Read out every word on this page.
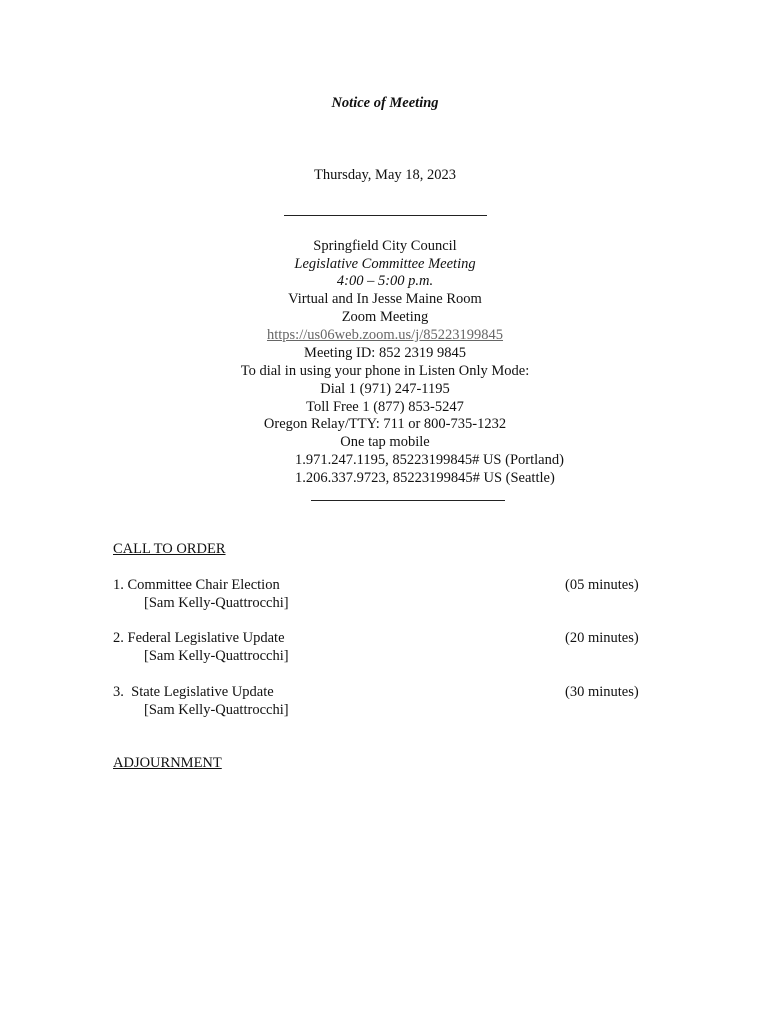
Notice of Meeting
Thursday, May 18, 2023
Springfield City Council
Legislative Committee Meeting
4:00 – 5:00 p.m.
Virtual and In Jesse Maine Room
Zoom Meeting
https://us06web.zoom.us/j/85223199845
Meeting ID: 852 2319 9845
To dial in using your phone in Listen Only Mode:
Dial 1 (971) 247-1195
Toll Free 1 (877) 853-5247
Oregon Relay/TTY: 711 or 800-735-1232
One tap mobile
1.971.247.1195, 85223199845# US (Portland)
1.206.337.9723, 85223199845# US (Seattle)
CALL TO ORDER
1. Committee Chair Election
[Sam Kelly-Quattrocchi]
(05 minutes)
2. Federal Legislative Update
[Sam Kelly-Quattrocchi]
(20 minutes)
3.  State Legislative Update
[Sam Kelly-Quattrocchi]
(30 minutes)
ADJOURNMENT
